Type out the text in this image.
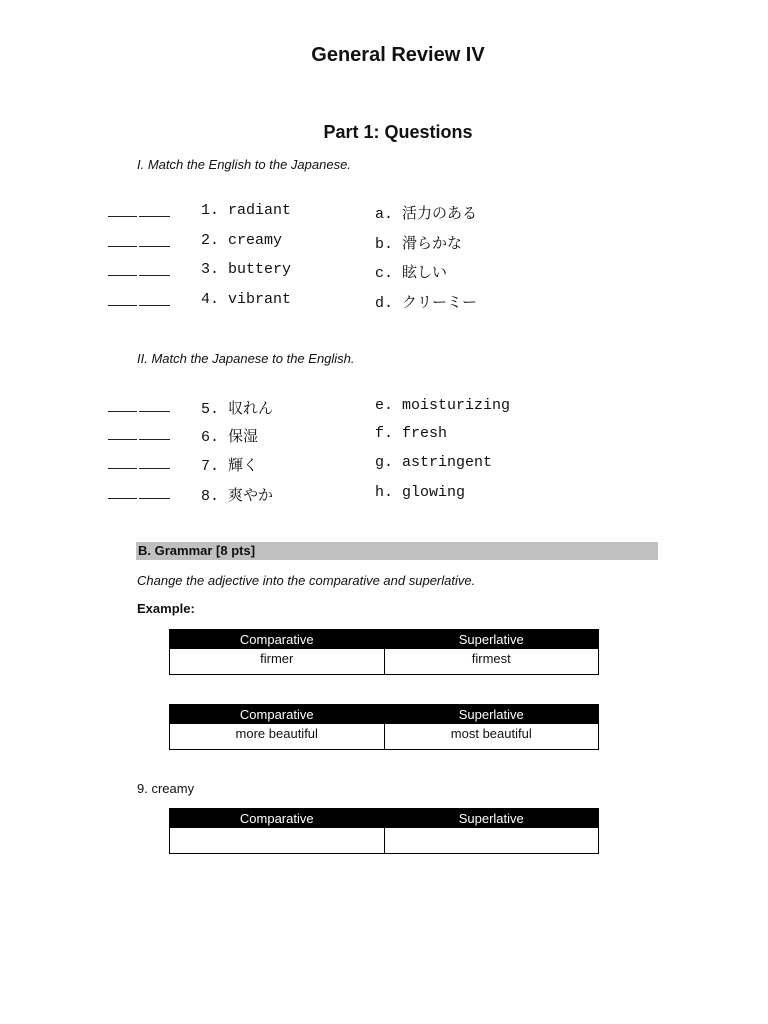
General Review IV
Part 1: Questions
I. Match the English to the Japanese.
1. radiant	a. 活力のある
2. creamy	b. 滑らかな
3. buttery	c. 眩しい
4. vibrant	d. クリーミー
II. Match the Japanese to the English.
5. 収れん	e. moisturizing
6. 保湿	f. fresh
7. 輝く	g. astringent
8. 爽やか	h. glowing
B. Grammar [8 pts]
Change the adjective into the comparative and superlative.
Example:
Comparative	Superlative
firmer	firmest
Comparative	Superlative
more beautiful	most beautiful
9. creamy
Comparative	Superlative
